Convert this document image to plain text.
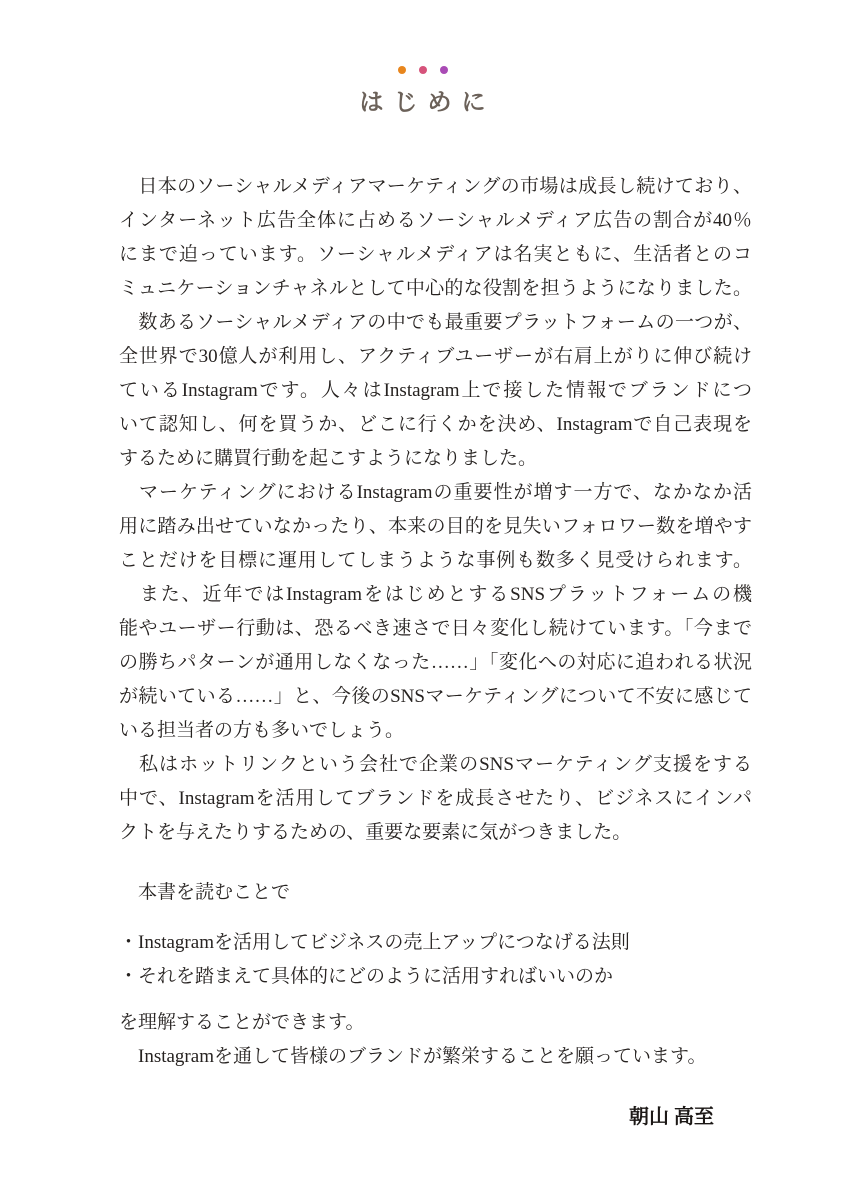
はじめに
　日本のソーシャルメディアマーケティングの市場は成長し続けており、
インターネット広告全体に占めるソーシャルメディア広告の割合が40％
にまで迫っています。ソーシャルメディアは名実ともに、生活者とのコ
ミュニケーションチャネルとして中心的な役割を担うようになりました。
　数あるソーシャルメディアの中でも最重要プラットフォームの一つが、
全世界で30億人が利用し、アクティブユーザーが右肩上がりに伸び続け
ているInstagramです。人々はInstagram上で接した情報でブランドにつ
いて認知し、何を買うか、どこに行くかを決め、Instagramで自己表現を
するために購買行動を起こすようになりました。
　マーケティングにおけるInstagramの重要性が増す一方で、なかなか活
用に踏み出せていなかったり、本来の目的を見失いフォロワー数を増やす
ことだけを目標に運用してしまうような事例も数多く見受けられます。
　また、近年ではInstagramをはじめとするSNSプラットフォームの機
能やユーザー行動は、恐るべき速さで日々変化し続けています。「今まで
の勝ちパターンが通用しなくなった……」「変化への対応に追われる状況
が続いている……」と、今後のSNSマーケティングについて不安に感じて
いる担当者の方も多いでしょう。
　私はホットリンクという会社で企業のSNSマーケティング支援をする
中で、Instagramを活用してブランドを成長させたり、ビジネスにインパ
クトを与えたりするための、重要な要素に気がつきました。
　本書を読むことで
・Instagramを活用してビジネスの売上アップにつなげる法則
・それを踏まえて具体的にどのように活用すればいいのか
を理解することができます。
　Instagramを通して皆様のブランドが繁栄することを願っています。
朝山 高至
